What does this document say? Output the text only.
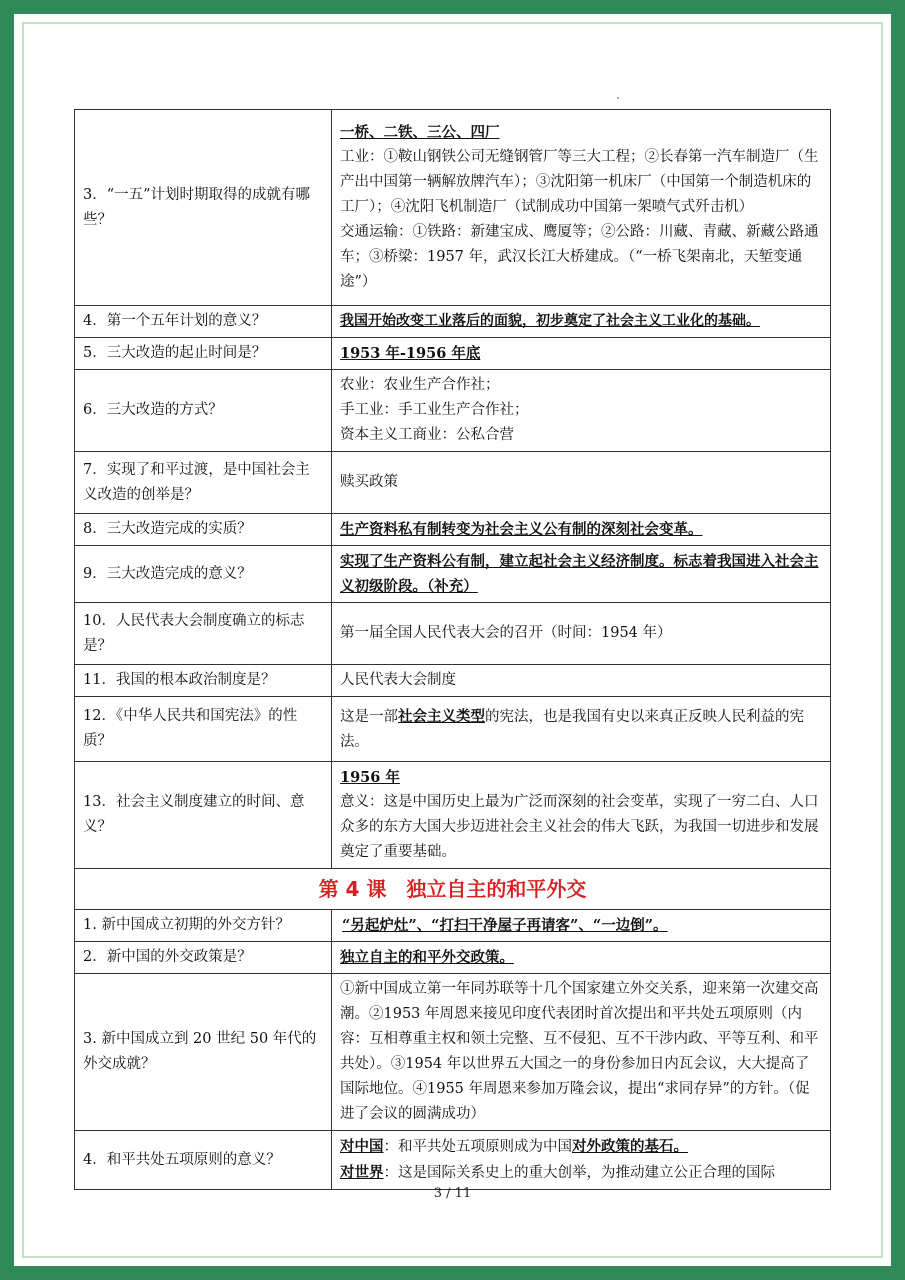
3．“一五”计划时期取得的成就有哪些？	一桥、二铁、三公、四厂
工业：①鞍山钢铁公司无缝钢管厂等三大工程；②长春第一汽车制造厂（生产出中国第一辆解放牌汽车）；③沈阳第一机床厂（中国第一个制造机床的工厂）；④沈阳飞机制造厂（试制成功中国第一架喷气式歼击机）
交通运输：①铁路：新建宝成、鹰厦等；②公路：川藏、青藏、新藏公路通车；③桥梁：1957 年，武汉长江大桥建成。（“一桥飞架南北，天堑变通途”）

4．第一个五年计划的意义？	我国开始改变工业落后的面貌，初步奠定了社会主义工业化的基础。
5．三大改造的起止时间是？	1953 年-1956 年底
6．三大改造的方式？	农业：农业生产合作社；
手工业：手工业生产合作社；
资本主义工商业：公私合营

7．实现了和平过渡，是中国社会主义改造的创举是？	赎买政策
8．三大改造完成的实质？	生产资料私有制转变为社会主义公有制的深刻社会变革。
9．三大改造完成的意义？	实现了生产资料公有制，建立起社会主义经济制度。标志着我国进入社会主义初级阶段。（补充）
10．人民代表大会制度确立的标志是？	第一届全国人民代表大会的召开（时间：1954 年）
11．我国的根本政治制度是？	人民代表大会制度
12．《中华人民共和国宪法》的性质？	这是一部社会主义类型的宪法，也是我国有史以来真正反映人民利益的宪法。
13．社会主义制度建立的时间、意义？	1956 年
意义：这是中国历史上最为广泛而深刻的社会变革，实现了一穷二白、人口众多的东方大国大步迈进社会主义社会的伟大飞跃，为我国一切进步和发展奠定了重要基础。

第 4 课　独立自主的和平外交	
1. 新中国成立初期的外交方针？	“另起炉灶”、“打扫干净屋子再请客”、“一边倒”。
2．新中国的外交政策是？	独立自主的和平外交政策。
3. 新中国成立到 20 世纪 50 年代的外交成就？	①新中国成立第一年同苏联等十几个国家建立外交关系，迎来第一次建交高潮。②1953 年周恩来接见印度代表团时首次提出和平共处五项原则（内容：互相尊重主权和领土完整、互不侵犯、互不干涉内政、平等互利、和平共处）。③1954 年以世界五大国之一的身份参加日内瓦会议，大大提高了国际地位。④1955 年周恩来参加万隆会议，提出“求同存异”的方针。（促进了会议的圆满成功）
4．和平共处五项原则的意义？	对中国：和平共处五项原则成为中国对外政策的基石。
对世界：这是国际关系史上的重大创举，为推动建立公正合理的国际
3 / 11
